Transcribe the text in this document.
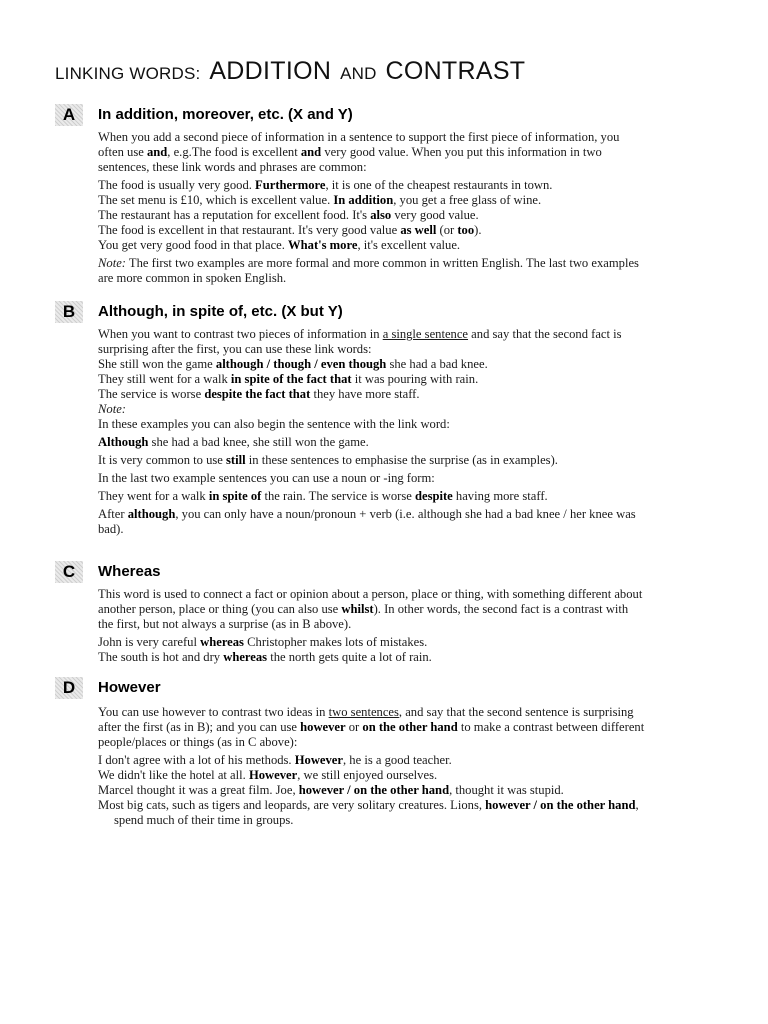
LINKING WORDS: ADDITION AND CONTRAST
A	In addition, moreover, etc. (X and Y)

When you add a second piece of information in a sentence to support the first piece of information, you often use and, e.g.The food is excellent and very good value. When you put this information in two sentences, these link words and phrases are common:

The food is usually very good. Furthermore, it is one of the cheapest restaurants in town.

The set menu is £10, which is excellent value. In addition, you get a free glass of wine.

The restaurant has a reputation for excellent food. It's also very good value.

The food is excellent in that restaurant. It's very good value as well (or too).

You get very good food in that place. What's more, it's excellent value.

Note: The first two examples are more formal and more common in written English. The last two examples are more common in spoken English.

B	Although, in spite of, etc. (X but Y)

When you want to contrast two pieces of information in a single sentence and say that the second fact is surprising after the first, you can use these link words:

She still won the game although / though / even though she had a bad knee.

They still went for a walk in spite of the fact that it was pouring with rain.

The service is worse despite the fact that they have more staff.

Note:

In these examples you can also begin the sentence with the link word:

Although she had a bad knee, she still won the game.

It is very common to use still in these sentences to emphasise the surprise (as in examples).

In the last two example sentences you can use a noun or -ing form:

They went for a walk in spite of the rain. The service is worse despite having more staff.

After although, you can only have a noun/pronoun + verb (i.e. although she had a bad knee / her knee was bad).

C	Whereas

This word is used to connect a fact or opinion about a person, place or thing, with something different about another person, place or thing (you can also use whilst). In other words, the second fact is a contrast with the first, but not always a surprise (as in B above).

John is very careful whereas Christopher makes lots of mistakes.

The south is hot and dry whereas the north gets quite a lot of rain.

D	However

You can use however to contrast two ideas in two sentences, and say that the second sentence is surprising after the first (as in B); and you can use however or on the other hand to make a contrast between different people/places or things (as in C above):

I don't agree with a lot of his methods. However, he is a good teacher.

We didn't like the hotel at all. However, we still enjoyed ourselves.

Marcel thought it was a great film. Joe, however / on the other hand, thought it was stupid.

Most big cats, such as tigers and leopards, are very solitary creatures. Lions, however / on the other hand, spend much of their time in groups.
